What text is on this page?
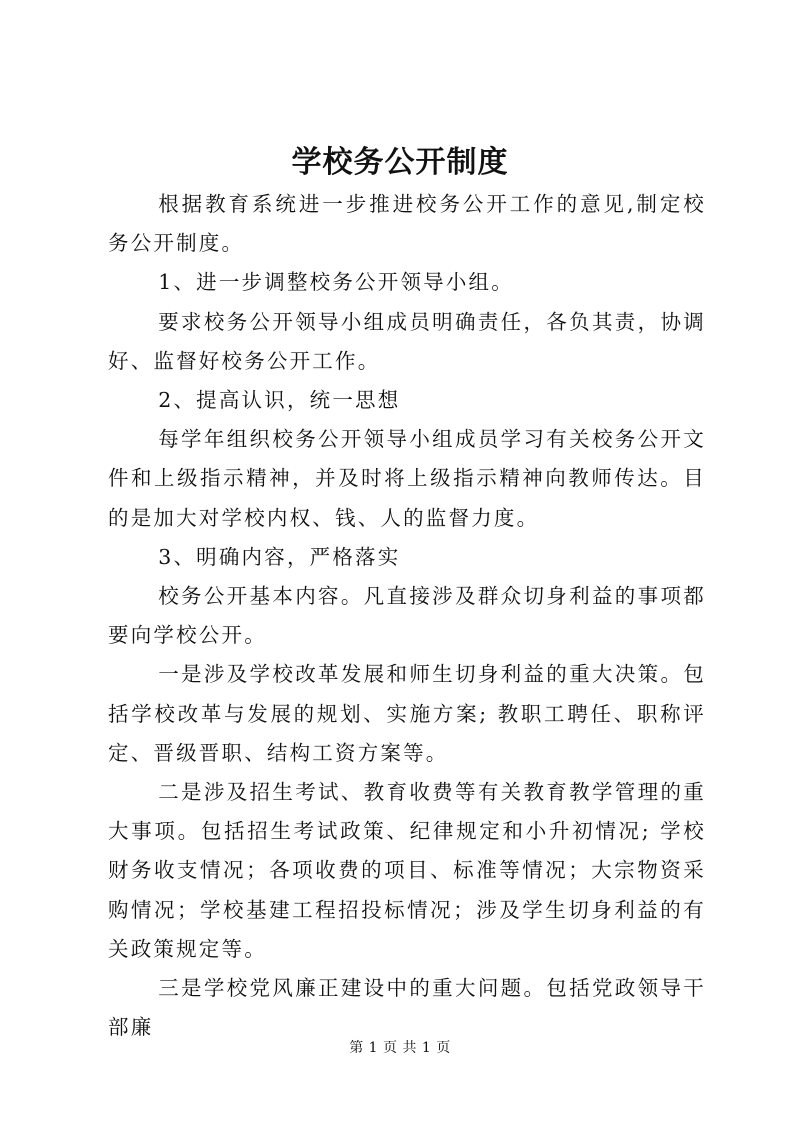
学校务公开制度

根据教育系统进一步推进校务公开工作的意见,制定校务公开制度。

1、进一步调整校务公开领导小组。

要求校务公开领导小组成员明确责任，各负其责，协调好、监督好校务公开工作。

2、提高认识，统一思想

每学年组织校务公开领导小组成员学习有关校务公开文件和上级指示精神，并及时将上级指示精神向教师传达。目的是加大对学校内权、钱、人的监督力度。

3、明确内容，严格落实

校务公开基本内容。凡直接涉及群众切身利益的事项都要向学校公开。

一是涉及学校改革发展和师生切身利益的重大决策。包括学校改革与发展的规划、实施方案; 教职工聘任、职称评定、晋级晋职、结构工资方案等。

二是涉及招生考试、教育收费等有关教育教学管理的重大事项。包括招生考试政策、纪律规定和小升初情况; 学校财务收支情况；各项收费的项目、标准等情况；大宗物资采购情况；学校基建工程招投标情况；涉及学生切身利益的有关政策规定等。

三是学校党风廉正建设中的重大问题。包括党政领导干部廉

第 1 页 共 1 页
